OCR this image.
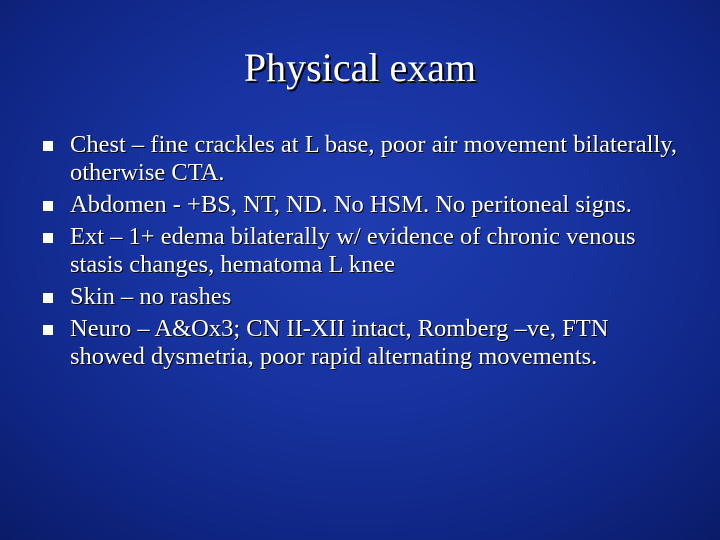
Physical exam
Chest – fine crackles at L base, poor air movement bilaterally, otherwise CTA.
Abdomen - +BS, NT, ND. No HSM. No peritoneal signs.
Ext – 1+ edema bilaterally w/ evidence of chronic venous stasis changes, hematoma L knee
Skin – no rashes
Neuro – A&Ox3; CN II-XII intact, Romberg –ve, FTN showed dysmetria, poor rapid alternating movements.
